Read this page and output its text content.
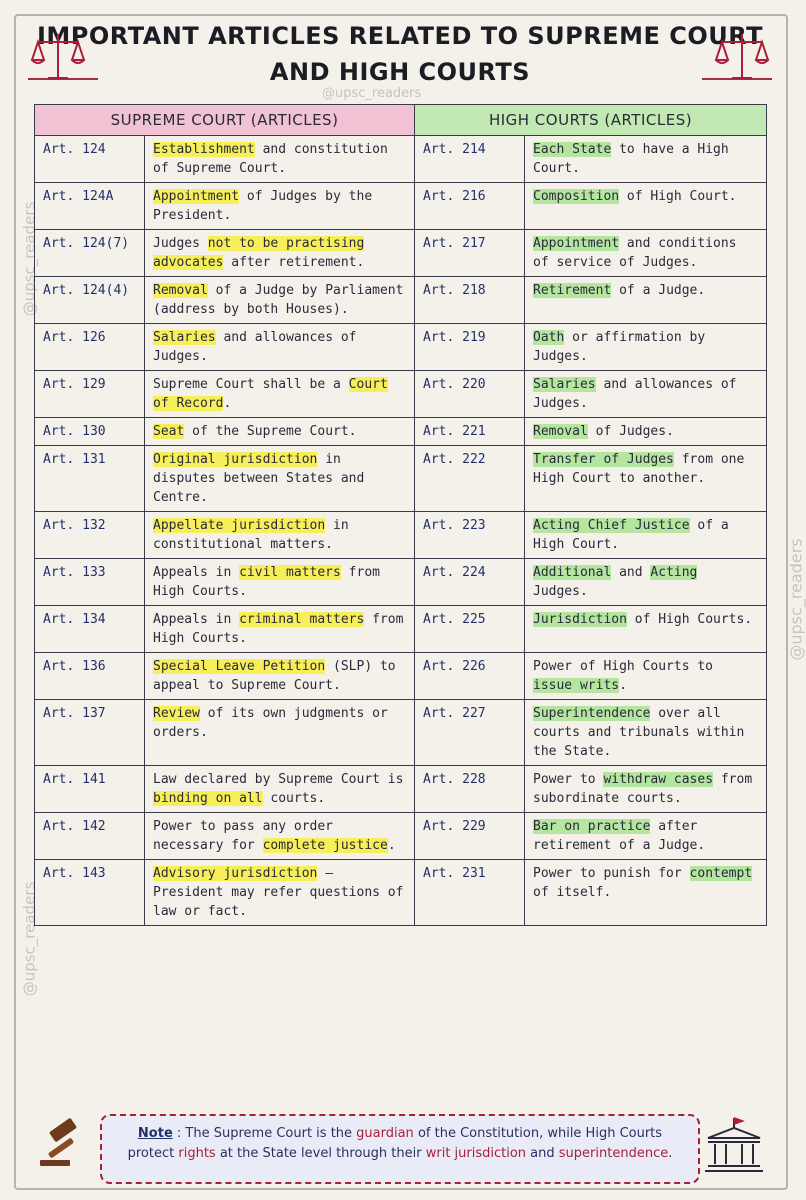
IMPORTANT ARTICLES RELATED TO SUPREME COURT
AND HIGH COURTS
@upsc_readers
@upsc_readers
@upsc_readers
@upsc_readers
SUPREME COURT (ARTICLES)		HIGH COURTS (ARTICLES)	
Art. 124	Establishment and constitution of Supreme Court.	Art. 214	Each State to have a High Court.
Art. 124A	Appointment of Judges by the President.	Art. 216	Composition of High Court.
Art. 124(7)	Judges not to be practising advocates after retirement.	Art. 217	Appointment and conditions of service of Judges.
Art. 124(4)	Removal of a Judge by Parliament (address by both Houses).	Art. 218	Retirement of a Judge.
Art. 126	Salaries and allowances of Judges.	Art. 219	Oath or affirmation by Judges.
Art. 129	Supreme Court shall be a Court of Record.	Art. 220	Salaries and allowances of Judges.
Art. 130	Seat of the Supreme Court.	Art. 221	Removal of Judges.
Art. 131	Original jurisdiction in disputes between States and Centre.	Art. 222	Transfer of Judges from one High Court to another.
Art. 132	Appellate jurisdiction in constitutional matters.	Art. 223	Acting Chief Justice of a High Court.
Art. 133	Appeals in civil matters from High Courts.	Art. 224	Additional and Acting Judges.
Art. 134	Appeals in criminal matters from High Courts.	Art. 225	Jurisdiction of High Courts.
Art. 136	Special Leave Petition (SLP) to appeal to Supreme Court.	Art. 226	Power of High Courts to issue writs.
Art. 137	Review of its own judgments or orders.	Art. 227	Superintendence over all courts and tribunals within the State.
Art. 141	Law declared by Supreme Court is binding on all courts.	Art. 228	Power to withdraw cases from subordinate courts.
Art. 142	Power to pass any order necessary for complete justice.	Art. 229	Bar on practice after retirement of a Judge.
Art. 143	Advisory jurisdiction – President may refer questions of law or fact.	Art. 231	Power to punish for contempt of itself.
Note : The Supreme Court is the guardian of the Constitution, while High Courts protect rights at the State level through their writ jurisdiction and superintendence.
